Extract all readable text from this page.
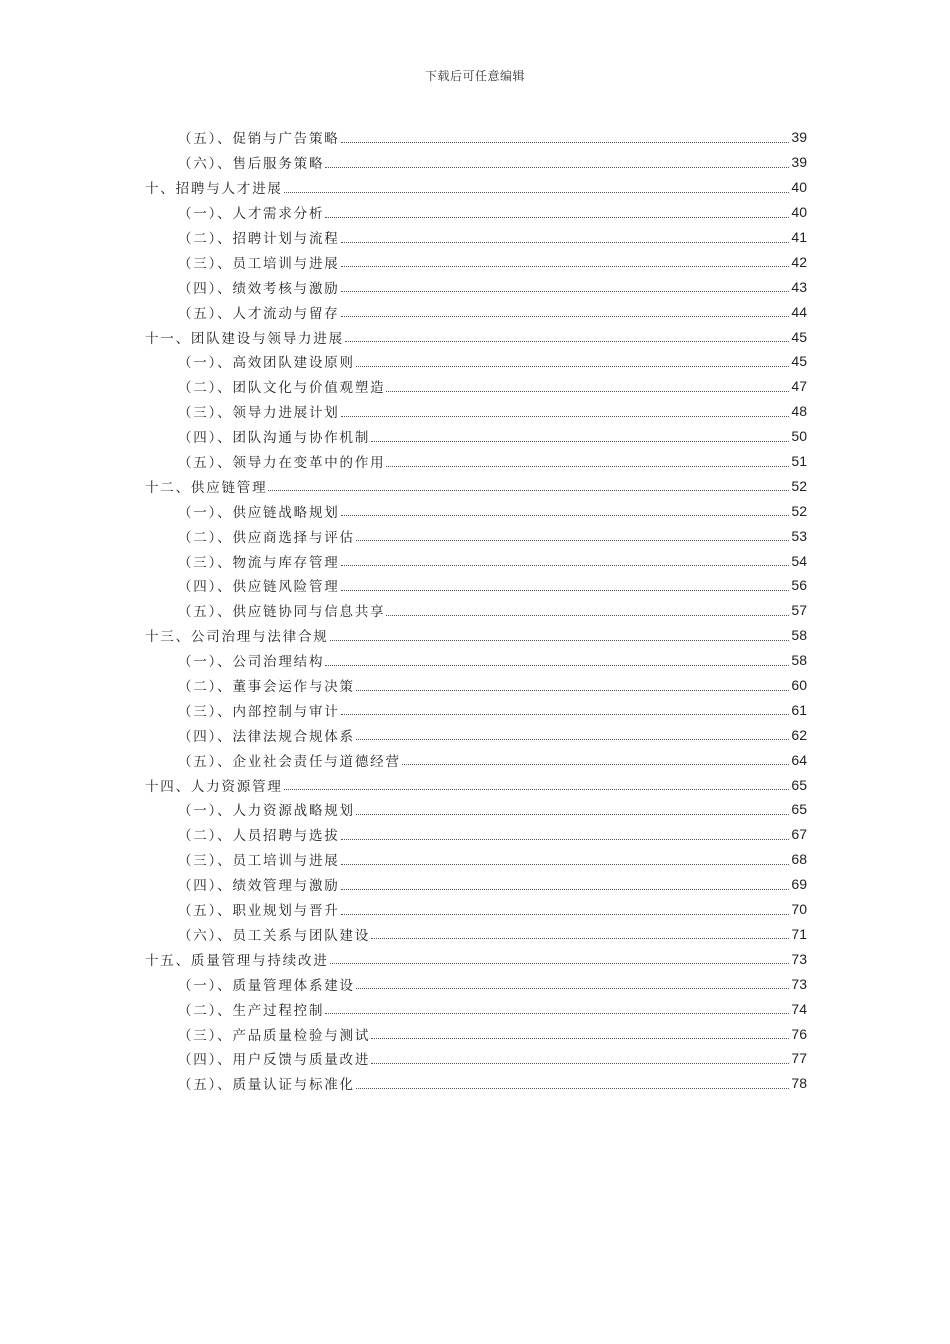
下载后可任意编辑
（五）、促销与广告策略	39
（六）、售后服务策略	39
十、招聘与人才进展	40
（一）、人才需求分析	40
（二）、招聘计划与流程	41
（三）、员工培训与进展	42
（四）、绩效考核与激励	43
（五）、人才流动与留存	44
十一、团队建设与领导力进展	45
（一）、高效团队建设原则	45
（二）、团队文化与价值观塑造	47
（三）、领导力进展计划	48
（四）、团队沟通与协作机制	50
（五）、领导力在变革中的作用	51
十二、供应链管理	52
（一）、供应链战略规划	52
（二）、供应商选择与评估	53
（三）、物流与库存管理	54
（四）、供应链风险管理	56
（五）、供应链协同与信息共享	57
十三、公司治理与法律合规	58
（一）、公司治理结构	58
（二）、董事会运作与决策	60
（三）、内部控制与审计	61
（四）、法律法规合规体系	62
（五）、企业社会责任与道德经营	64
十四、人力资源管理	65
（一）、人力资源战略规划	65
（二）、人员招聘与选拔	67
（三）、员工培训与进展	68
（四）、绩效管理与激励	69
（五）、职业规划与晋升	70
（六）、员工关系与团队建设	71
十五、质量管理与持续改进	73
（一）、质量管理体系建设	73
（二）、生产过程控制	74
（三）、产品质量检验与测试	76
（四）、用户反馈与质量改进	77
（五）、质量认证与标准化	78
